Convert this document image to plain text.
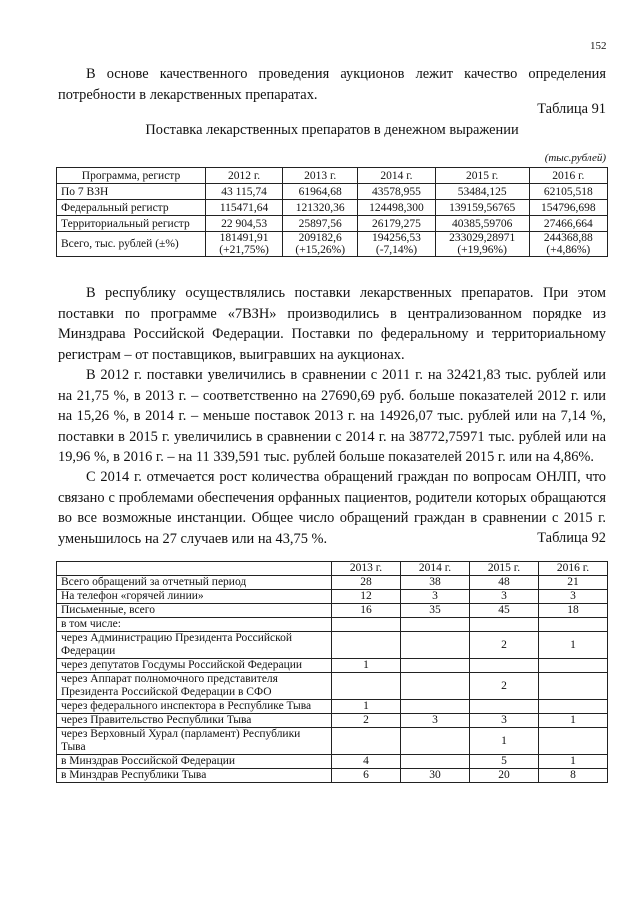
152

В основе качественного проведения аукционов лежит качество определения потребности в лекарственных препаратах.

Таблица 91
Поставка лекарственных препаратов в денежном выражении
(тыс.рублей)
Программа, регистр	2012 г.	2013 г.	2014 г.	2015 г.	2016 г.
По 7 ВЗН	43 115,74	61964,68	43578,955	53484,125	62105,518
Федеральный регистр	115471,64	121320,36	124498,300	139159,56765	154796,698
Территориальный регистр	22 904,53	25897,56	26179,275	40385,59706	27466,664
Всего, тыс. рублей (±%)	181491,91 (+21,75%)	209182,6 (+15,26%)	194256,53 (-7,14%)	233029,28971 (+19,96%)	244368,88 (+4,86%)

В республику осуществлялись поставки лекарственных препаратов. При этом поставки по программе «7ВЗН» производились в централизованном порядке из Минздрава Российской Федерации. Поставки по федеральному и территориальному регистрам – от поставщиков, выигравших на аукционах.

В 2012 г. поставки увеличились в сравнении с 2011 г. на 32421,83 тыс. рублей или на 21,75 %, в 2013 г. – соответственно на 27690,69 руб. больше показателей 2012 г. или на 15,26 %, в 2014 г. – меньше поставок 2013 г. на 14926,07 тыс. рублей или на 7,14 %, поставки в 2015 г. увеличились в сравнении с 2014 г. на 38772,75971 тыс. рублей или на 19,96 %, в 2016 г. – на 11 339,591 тыс. рублей больше показателей 2015 г. или на 4,86%.

С 2014 г. отмечается рост количества обращений граждан по вопросам ОНЛП, что связано с проблемами обеспечения орфанных пациентов, родители которых обращаются во все возможные инстанции. Общее число обращений граждан в сравнении с 2015 г. уменьшилось на 27 случаев или на 43,75 %.	Таблица 92
	2013 г.	2014 г.	2015 г.	2016 г.
Всего обращений за отчетный период	28	38	48	21
На телефон «горячей линии»	12	3	3	3
Письменные, всего	16	35	45	18
в том числе:				
через Администрацию Президента Российской Федерации			2	1
через депутатов Госдумы Российской Федерации	1			
через Аппарат полномочного представителя Президента Российской Федерации в СФО			2	
через федерального инспектора в Республике Тыва	1			
через Правительство Республики Тыва	2	3	3	1
через Верховный Хурал (парламент) Республики Тыва			1	
в Минздрав Российской Федерации	4		5	1
в Минздрав Республики Тыва	6	30	20	8
